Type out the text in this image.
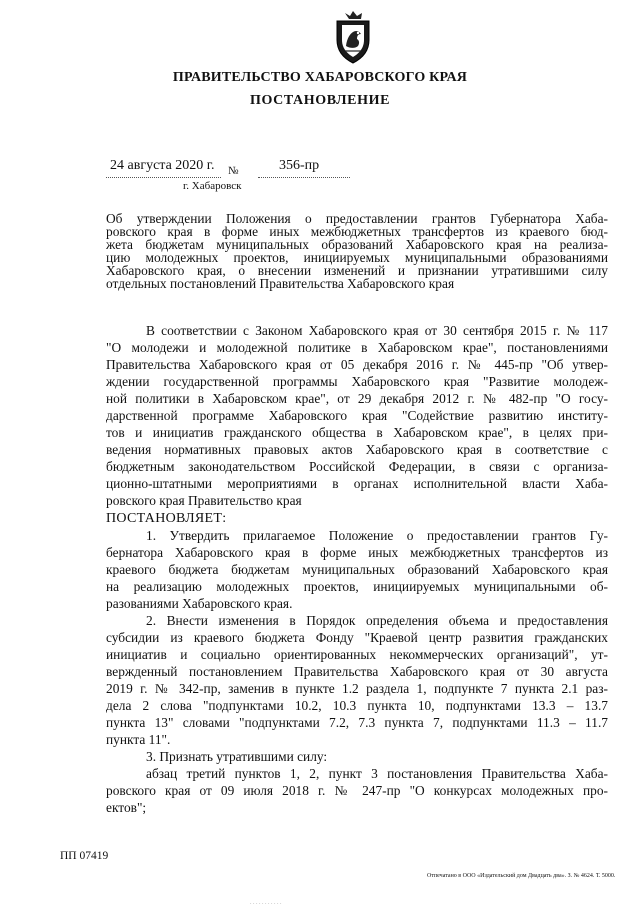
ПРАВИТЕЛЬСТВО ХАБАРОВСКОГО КРАЯ
ПОСТАНОВЛЕНИЕ
24 августа 2020 г. №	356-пр
г. Хабаровск

Об утверждении Положения о предоставлении грантов Губернатора Хаба-

ровского края в форме иных межбюджетных трансфертов из краевого бюд-

жета бюджетам муниципальных образований Хабаровского края на реализа-

цию молодежных проектов, инициируемых муниципальными образованиями

Хабаровского края, о внесении изменений и признании утратившими силу

отдельных постановлений Правительства Хабаровского края

В соответствии с Законом Хабаровского края от 30 сентября 2015 г. № 117

"О молодежи и молодежной политике в Хабаровском крае", постановлениями

Правительства Хабаровского края от 05 декабря 2016 г. № 445-пр "Об утвер-

ждении государственной программы Хабаровского края "Развитие молодеж-

ной политики в Хабаровском крае", от 29 декабря 2012 г. № 482-пр "О госу-

дарственной программе Хабаровского края "Содействие развитию институ-

тов и инициатив гражданского общества в Хабаровском крае", в целях при-

ведения нормативных правовых актов Хабаровского края в соответствие с

бюджетным законодательством Российской Федерации, в связи с организа-

ционно-штатными мероприятиями в органах исполнительной власти Хаба-

ровского края Правительство края

ПОСТАНОВЛЯЕТ:

1. Утвердить прилагаемое Положение о предоставлении грантов Гу-

бернатора Хабаровского края в форме иных межбюджетных трансфертов из

краевого бюджета бюджетам муниципальных образований Хабаровского края

на реализацию молодежных проектов, инициируемых муниципальными об-

разованиями Хабаровского края.

2. Внести изменения в Порядок определения объема и предоставления

субсидии из краевого бюджета Фонду "Краевой центр развития гражданских

инициатив и социально ориентированных некоммерческих организаций", ут-

вержденный постановлением Правительства Хабаровского края от 30 августа

2019 г. № 342-пр, заменив в пункте 1.2 раздела 1, подпункте 7 пункта 2.1 раз-

дела 2 слова "подпунктами 10.2, 10.3 пункта 10, подпунктами 13.3 – 13.7

пункта 13" словами "подпунктами 7.2, 7.3 пункта 7, подпунктами 11.3 – 11.7

пункта 11".

3. Признать утратившими силу:

абзац третий пунктов 1, 2, пункт 3 постановления Правительства Хаба-

ровского края от 09 июля 2018 г. № 247-пр "О конкурсах молодежных про-

ектов";

ПП 07419
Отпечатано в ООО «Издательский дом Двадцать два». З. № 4624. Т. 5000.
. . . . . . . . . . .
